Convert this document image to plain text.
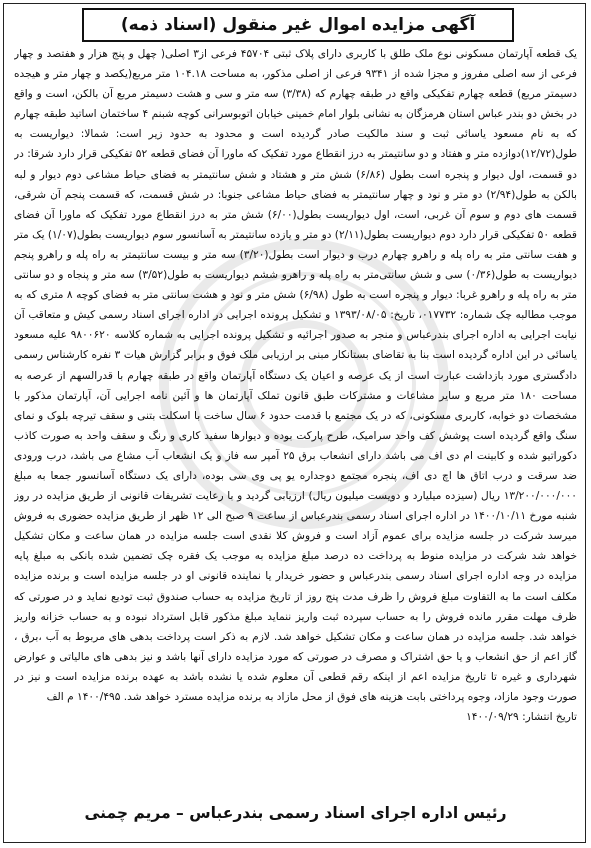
آگهی مزایده اموال غیر منقول (اسناد ذمه)
یک قطعه آپارتمان مسکونی نوع ملک طلق با کاربری دارای پلاک ثبتی ۴۵۷۰۴ فرعی از۳ اصلی( چهل و پنج هزار و هفتصد و چهار فرعی از سه اصلی مفروز و مجزا شده از ۹۳۴۱ فرعی از اصلی مذکور، به مساحت ۱۰۴.۱۸ متر مربع(یکصد و چهار متر و هیجده دسیمتر مربع) قطعه چهارم تفکیکی واقع در طبقه چهارم که (۳/۳۸) سه متر و سی و هشت دسیمتر مربع آن بالکن، است و واقع در بخش دو بندر عباس استان هرمزگان به نشانی بلوار امام خمینی خیابان اتوبوسرانی کوچه شبنم ۴ ساختمان اساتید طبقه چهارم که به نام مسعود یاسائی ثبت و سند مالکیت صادر گردیده است و محدود به حدود زیر است: شمالا: دیواریست به طول(۱۲/۷۲)دوازده متر و هفتاد و دو سانتیمتر به درز انقطاع مورد تفکیک که ماورا آن فضای قطعه ۵۲ تفکیکی قرار دارد شرقا: در دو قسمت، اول دیوار و پنجره است بطول (۶/۸۶) شش متر و هشتاد و شش سانتیمتر به فضای حیاط مشاعی دوم دیوار و لبه بالکن به طول(۲/۹۴) دو متر و نود و چهار سانتیمتر به فضای حیاط مشاعی جنوبا: در شش قسمت، که قسمت پنجم آن شرقی، قسمت های دوم و سوم آن غربی، است، اول دیواریست بطول(۶/۰۰) شش متر به درز انقطاع مورد تفکیک که ماورا آن فضای قطعه ۵۰ تفکیکی قرار دارد دوم دیواریست بطول(۲/۱۱) دو متر و یازده سانتیمتر به آسانسور سوم دیواریست بطول(۱/۰۷) یک متر و هفت سانتی متر به راه پله و راهرو چهارم درب و دیوار است بطول(۳/۲۰) سه متر و بیست سانتیمتر به راه پله و راهرو پنجم دیواریست به طول(۰/۳۶) سی و شش سانتی‌متر به راه پله و راهرو ششم دیواریست به طول(۳/۵۲) سه متر و پنجاه و دو سانتی متر به راه پله و راهرو غربا: دیوار و پنجره است به طول (۶/۹۸) شش متر و نود و هشت سانتی متر به فضای کوچه ۸ متری که به موجب مطالبه چک شماره: ۰۱۷۷۳۲، تاریخ: ۱۳۹۳/۰۸/۰۵ و تشکیل پرونده اجرایی در اداره اجرای اسناد رسمی کیش و متعاقب آن نیابت اجرایی به اداره اجرای بندرعباس و منجر به صدور اجرائیه و تشکیل پرونده اجرایی به شماره کلاسه ۹۸۰۰۶۲۰ علیه مسعود یاسائی در این اداره گردیده است بنا به تقاضای بستانکار مبنی بر ارزیابی ملک فوق و برابر گزارش هیات ۳ نفره کارشناس رسمی دادگستری مورد بازداشت عبارت است از یک عرصه و اعیان یک دستگاه آپارتمان واقع در طبقه چهارم با قدرالسهم از عرصه به مساحت ۱۸۰ متر مربع و سایر مشاعات و مشترکات طبق قانون تملک آپارتمان ها و آئین نامه اجرایی آن، آپارتمان مذکور با مشخصات دو خوابه، کاربری مسکونی، که در یک مجتمع با قدمت حدود ۶ سال ساخت با اسکلت بتنی و سقف تیرچه بلوک و نمای سنگ واقع گردیده است پوشش کف واحد سرامیک، طرح پارکت بوده و دیوارها سفید کاری و رنگ و سقف واحد به صورت کاذب دکوراتیو شده و کابینت ام دی اف می باشد دارای انشعاب برق ۲۵ آمپر سه فاز و یک انشعاب آب مشاع می باشد، درب ورودی ضد سرقت و درب اتاق ها اچ دی اف، پنجره مجتمع دوجداره یو پی وی سی بوده، دارای یک دستگاه آسانسور جمعا به مبلغ ۱۳/۲۰۰/۰۰۰/۰۰۰ ریال (سیزده میلیارد و دویست میلیون ریال) ارزیابی گردید و با رعایت تشریفات قانونی از طریق مزایده در روز شنبه مورخ ۱۴۰۰/۱۰/۱۱ در اداره اجرای اسناد رسمی بندرعباس از ساعت ۹ صبح الی ۱۲ ظهر از طریق مزایده حضوری به فروش میرسد شرکت در جلسه مزایده برای عموم آزاد است و فروش کلا نقدی است جلسه مزایده در همان ساعت و مکان تشکیل خواهد شد شرکت در مزایده منوط به پرداخت ده درصد مبلغ مزایده به موجب یک فقره چک تضمین شده بانکی به مبلغ پایه مزایده در وجه اداره اجرای اسناد رسمی بندرعباس و حضور خریدار یا نماینده قانونی او در جلسه مزایده است و برنده مزایده مکلف است ما به التفاوت مبلغ فروش را ظرف مدت پنج روز از تاریخ مزایده به حساب صندوق ثبت تودیع نماید و در صورتی که ظرف مهلت مقرر مانده فروش را به حساب سپرده ثبت واریز ننماید مبلغ مذکور قابل استرداد نبوده و به حساب خزانه واریز خواهد شد. جلسه مزایده در همان ساعت و مکان تشکیل خواهد شد. لازم به ذکر است پرداخت بدهی های مربوط به آب ،برق ، گاز اعم از حق انشعاب و یا حق اشتراک و مصرف در صورتی که مورد مزایده دارای آنها باشد و نیز بدهی های مالیاتی و عوارض شهرداری و غیره تا تاریخ مزایده اعم از اینکه رقم قطعی آن معلوم شده یا نشده باشد به عهده برنده مزایده است و نیز در صورت وجود مازاد، وجوه پرداختی بابت هزینه های فوق از محل مازاد به برنده مزایده مسترد خواهد شد. ۱۴۰۰/۴۹۵ م الف
تاریخ انتشار: ۱۴۰۰/۰۹/۲۹
رئیس اداره اجرای اسناد رسمی بندرعباس – مریم چمنی
